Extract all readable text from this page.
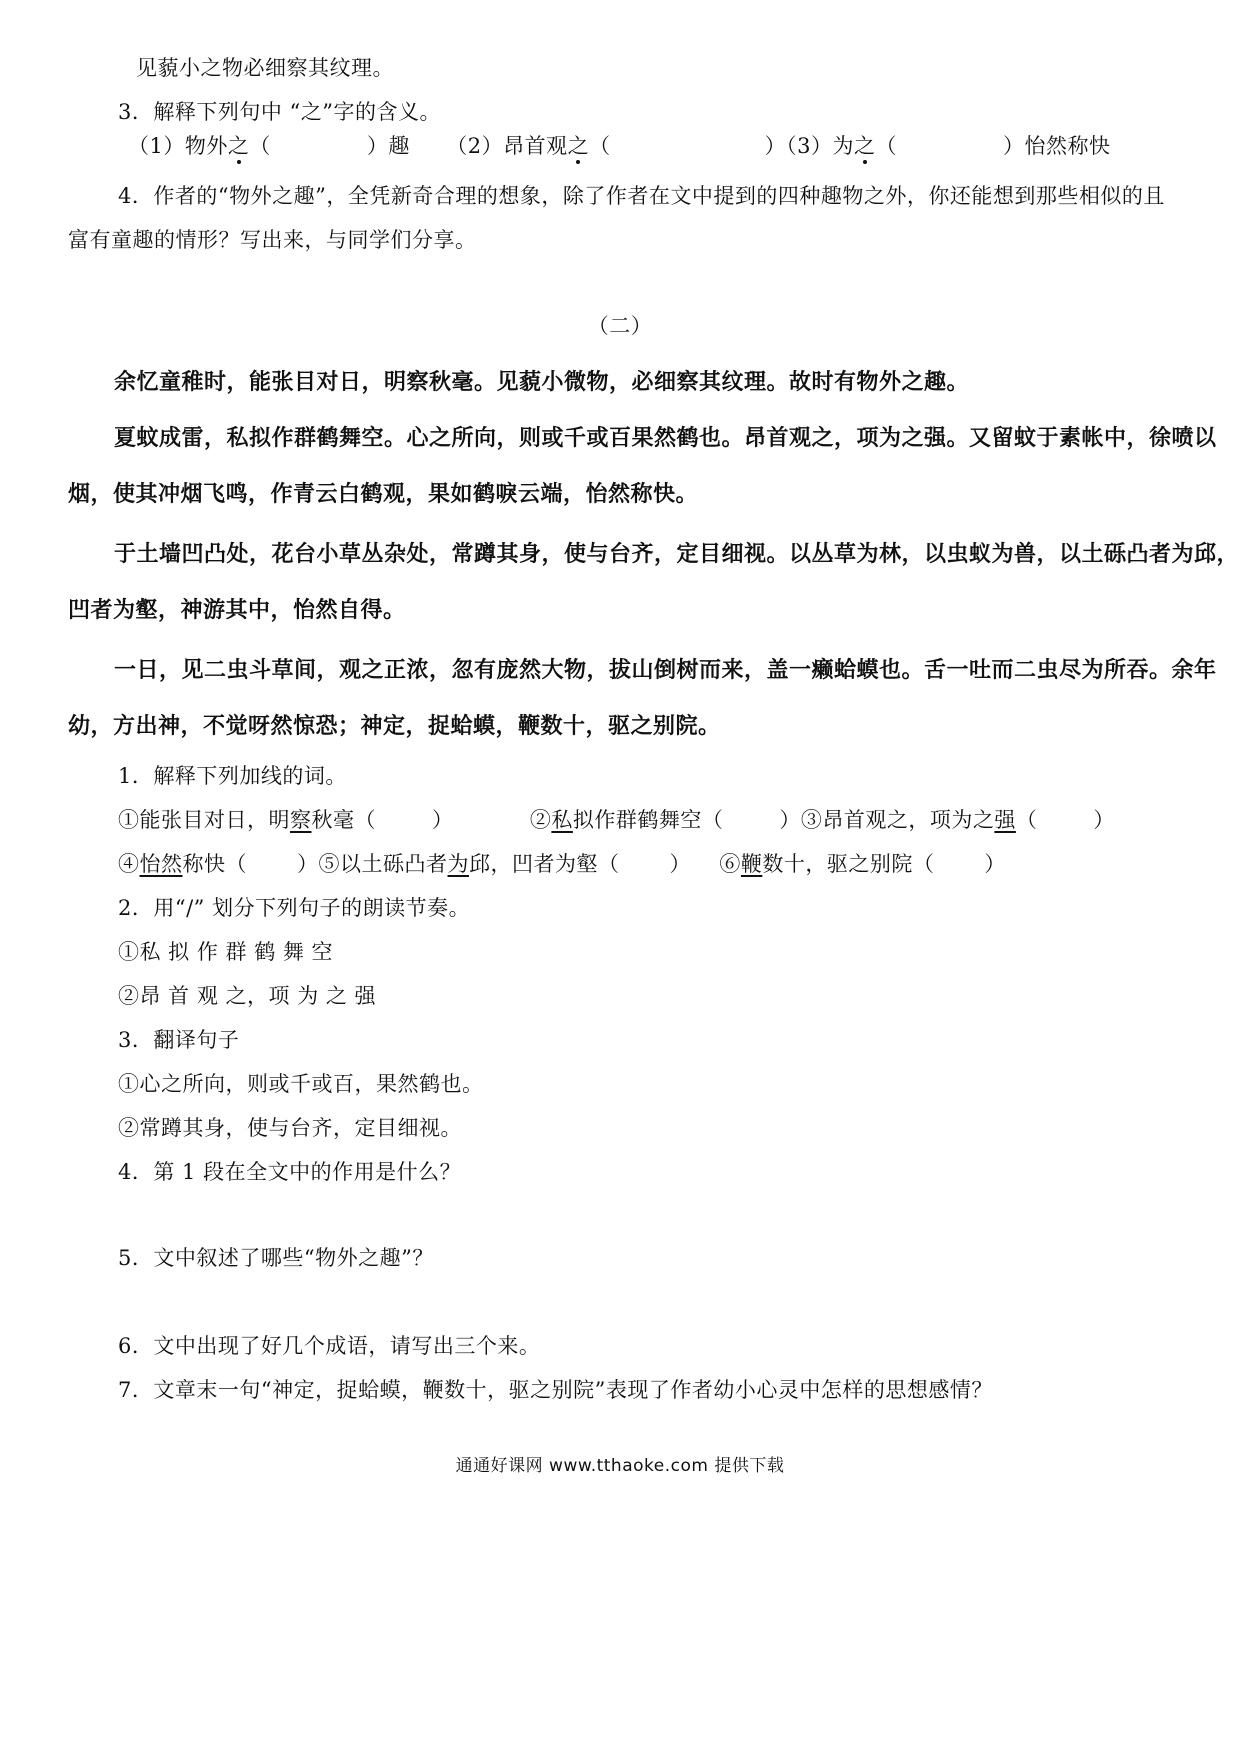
见藐小之物必细察其纹理。
3．解释下列句中 “之”字的含义。
（1）物外之（	）趣 （2）昂首观之（	）（3）为之（	）怡然称快
4．作者的“物外之趣”，全凭新奇合理的想象，除了作者在文中提到的四种趣物之外，你还能想到那些相似的且
富有童趣的情形？写出来，与同学们分享。
（二）
余忆童稚时，能张目对日，明察秋毫。见藐小微物，必细察其纹理。故时有物外之趣。
夏蚊成雷，私拟作群鹤舞空。心之所向，则或千或百果然鹤也。昂首观之，项为之强。又留蚊于素帐中，徐喷以
烟，使其冲烟飞鸣，作青云白鹤观，果如鹤唳云端，怡然称快。
于土墙凹凸处，花台小草丛杂处，常蹲其身，使与台齐，定目细视。以丛草为林，以虫蚁为兽，以土砾凸者为邱，
凹者为壑，神游其中，怡然自得。
一日，见二虫斗草间，观之正浓，忽有庞然大物，拔山倒树而来，盖一癞蛤蟆也。舌一吐而二虫尽为所吞。余年
幼，方出神，不觉呀然惊恐；神定，捉蛤蟆，鞭数十，驱之别院。
1．解释下列加线的词。
①能张目对日，明察秋毫（	）	②私拟作群鹤舞空（	）③昂首观之，项为之强（	）
④怡然称快（ ）⑤以土砾凸者为邱，凹者为壑（ ） ⑥鞭数十，驱之别院（ ）
2．用“/” 划分下列句子的朗读节奏。
①私 拟 作 群 鹤 舞 空
②昂 首 观 之，项 为 之 强
3．翻译句子
①心之所向，则或千或百，果然鹤也。
②常蹲其身，使与台齐，定目细视。
4．第 1 段在全文中的作用是什么？
5．文中叙述了哪些“物外之趣”？
6．文中出现了好几个成语，请写出三个来。
7．文章末一句“神定，捉蛤蟆，鞭数十，驱之别院”表现了作者幼小心灵中怎样的思想感情？
通通好课网 www.tthaoke.com 提供下载
